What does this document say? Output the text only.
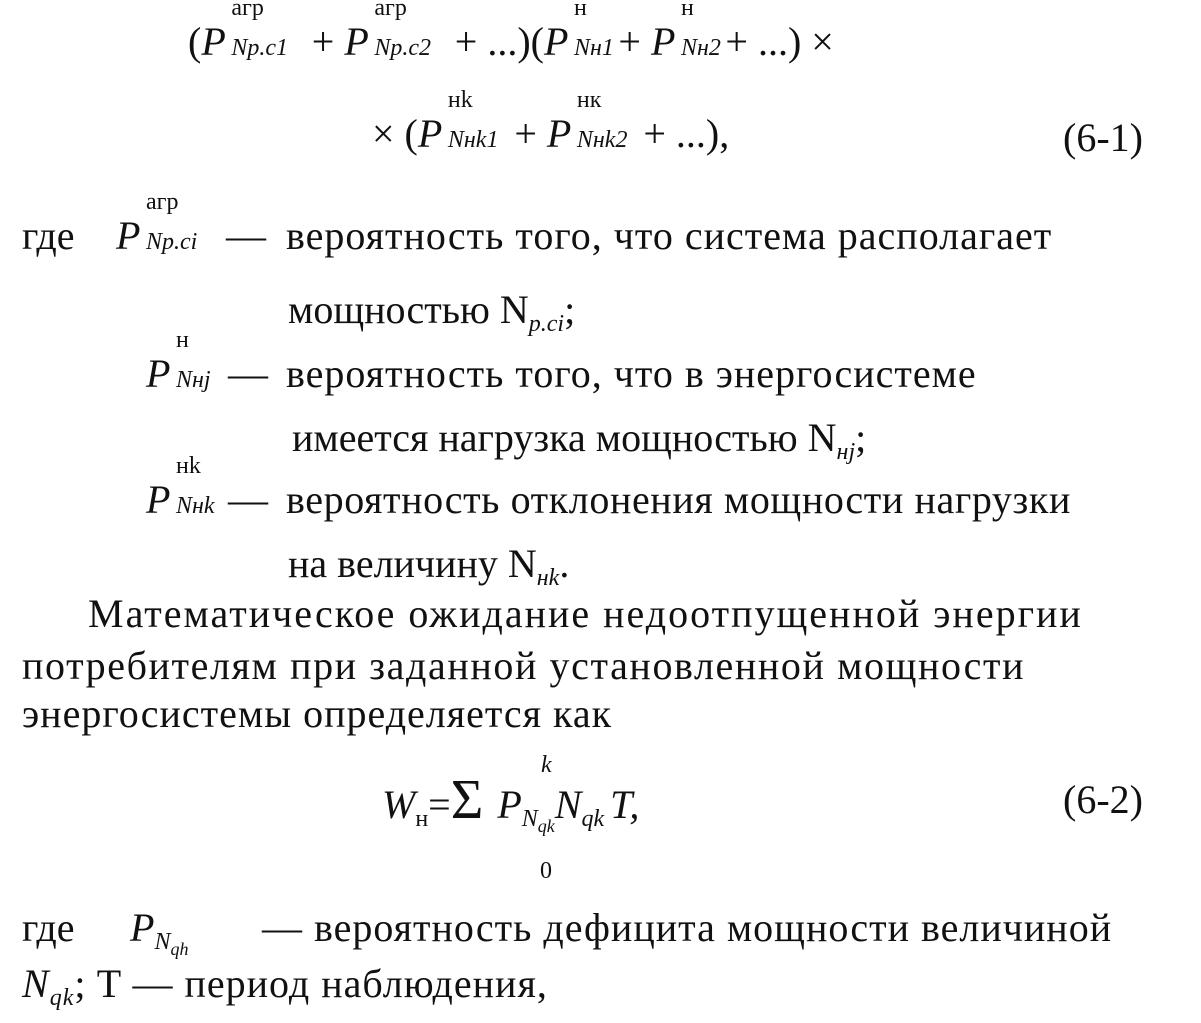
(P
агр
Np.c1 + P
агр
Np.c2 + ...)(P
н
Nн1 + P
н
Nн2 + ...) ×
× (P
нk
Nнk1 + P
нк
Nнk2 + ...),	(6-1)
где P
агр
Np.ci — вероятность того, что система располагает
мощностью $N_{p.ci}$;
P
н
Nнj — вероятность того, что в энергосистеме
имеется нагрузка мощностью $N_{нj}$;
P
нk
Nнk — вероятность отклонения мощности нагрузки
на величину $N_{нk}$.
Математическое ожидание недоотпущенной энергии
потребителям при заданной установленной мощности
энергосистемы определяется как
$W_н=\Sigma$ $P_{N_{qk}}N_{qk}$ T,
k
0
(6-2)
где $P_{N_{qh}}$ — вероятность дефицита мощности величиной
$N_{qk}$; T — период наблюдения,
